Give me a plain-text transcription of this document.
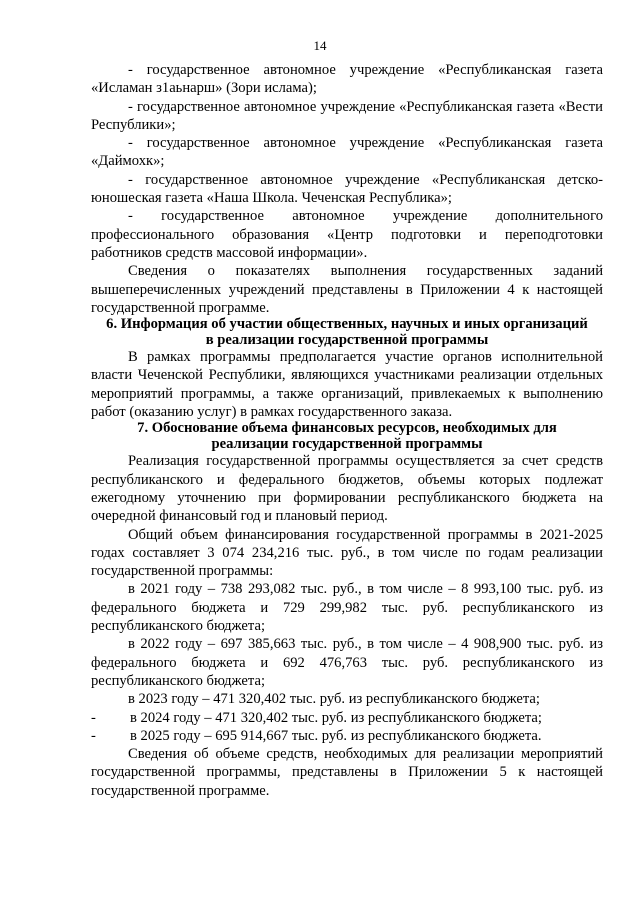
14

- государственное автономное учреждение «Республиканская газета «Исламан з1аьнарш» (Зори ислама);

- государственное автономное учреждение «Республиканская газета «Вести Республики»;

- государственное автономное учреждение «Республиканская газета «Даймохк»;

- государственное автономное учреждение «Республиканская детско-юношеская газета «Наша Школа. Чеченская Республика»;

- государственное автономное учреждение дополнительного профессионального образования «Центр подготовки и переподготовки работников средств массовой информации».

Сведения о показателях выполнения государственных заданий вышеперечисленных учреждений представлены в Приложении 4 к настоящей государственной программе.

6. Информация об участии общественных, научных и иных организаций

в реализации государственной программы

В рамках программы предполагается участие органов исполнительной власти Чеченской Республики, являющихся участниками реализации отдельных мероприятий программы, а также организаций, привлекаемых к выполнению работ (оказанию услуг) в рамках государственного заказа.

7. Обоснование объема финансовых ресурсов, необходимых для

реализации государственной программы

Реализация государственной программы осуществляется за счет средств республиканского и федерального бюджетов, объемы которых подлежат ежегодному уточнению при формировании республиканского бюджета на очередной финансовый год и плановый период.

Общий объем финансирования государственной программы в 2021-2025 годах составляет 3 074 234,216 тыс. руб., в том числе по годам реализации государственной программы:

в 2021 году – 738 293,082 тыс. руб., в том числе – 8 993,100 тыс. руб. из федерального бюджета и 729 299,982 тыс. руб. республиканского из республиканского бюджета;

в 2022 году – 697 385,663 тыс. руб., в том числе – 4 908,900 тыс. руб. из федерального бюджета и 692 476,763 тыс. руб. республиканского из республиканского бюджета;

в 2023 году – 471 320,402 тыс. руб. из республиканского бюджета;

- в 2024 году – 471 320,402 тыс. руб. из республиканского бюджета;

- в 2025 году – 695 914,667 тыс. руб. из республиканского бюджета.

Сведения об объеме средств, необходимых для реализации мероприятий государственной программы, представлены в Приложении 5 к настоящей государственной программе.
